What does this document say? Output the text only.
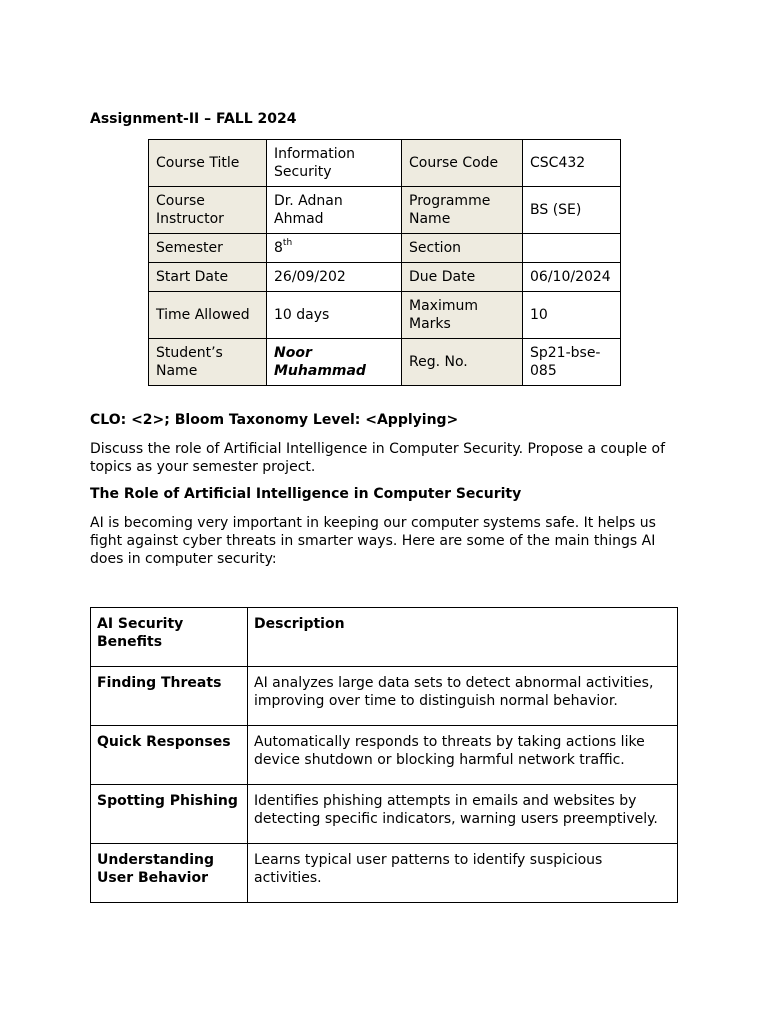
Assignment-II – FALL 2024
Course Title	Information Security	Course Code	CSC432
Course Instructor	Dr. Adnan Ahmad	Programme Name	BS (SE)
Semester	8th	Section	
Start Date	26/09/202	Due Date	06/10/2024
Time Allowed	10 days	Maximum Marks	10
Student’s Name	Noor Muhammad	Reg. No.	Sp21-bse-085
CLO: <2>; Bloom Taxonomy Level: <Applying>
Discuss the role of Artificial Intelligence in Computer Security. Propose a couple of topics as your semester project.
The Role of Artificial Intelligence in Computer Security
AI is becoming very important in keeping our computer systems safe. It helps us fight against cyber threats in smarter ways. Here are some of the main things AI does in computer security:
AI Security Benefits	Description
Finding Threats	AI analyzes large data sets to detect abnormal activities, improving over time to distinguish normal behavior.
Quick Responses	Automatically responds to threats by taking actions like device shutdown or blocking harmful network traffic.
Spotting Phishing	Identifies phishing attempts in emails and websites by detecting specific indicators, warning users preemptively.
Understanding User Behavior	Learns typical user patterns to identify suspicious activities.
